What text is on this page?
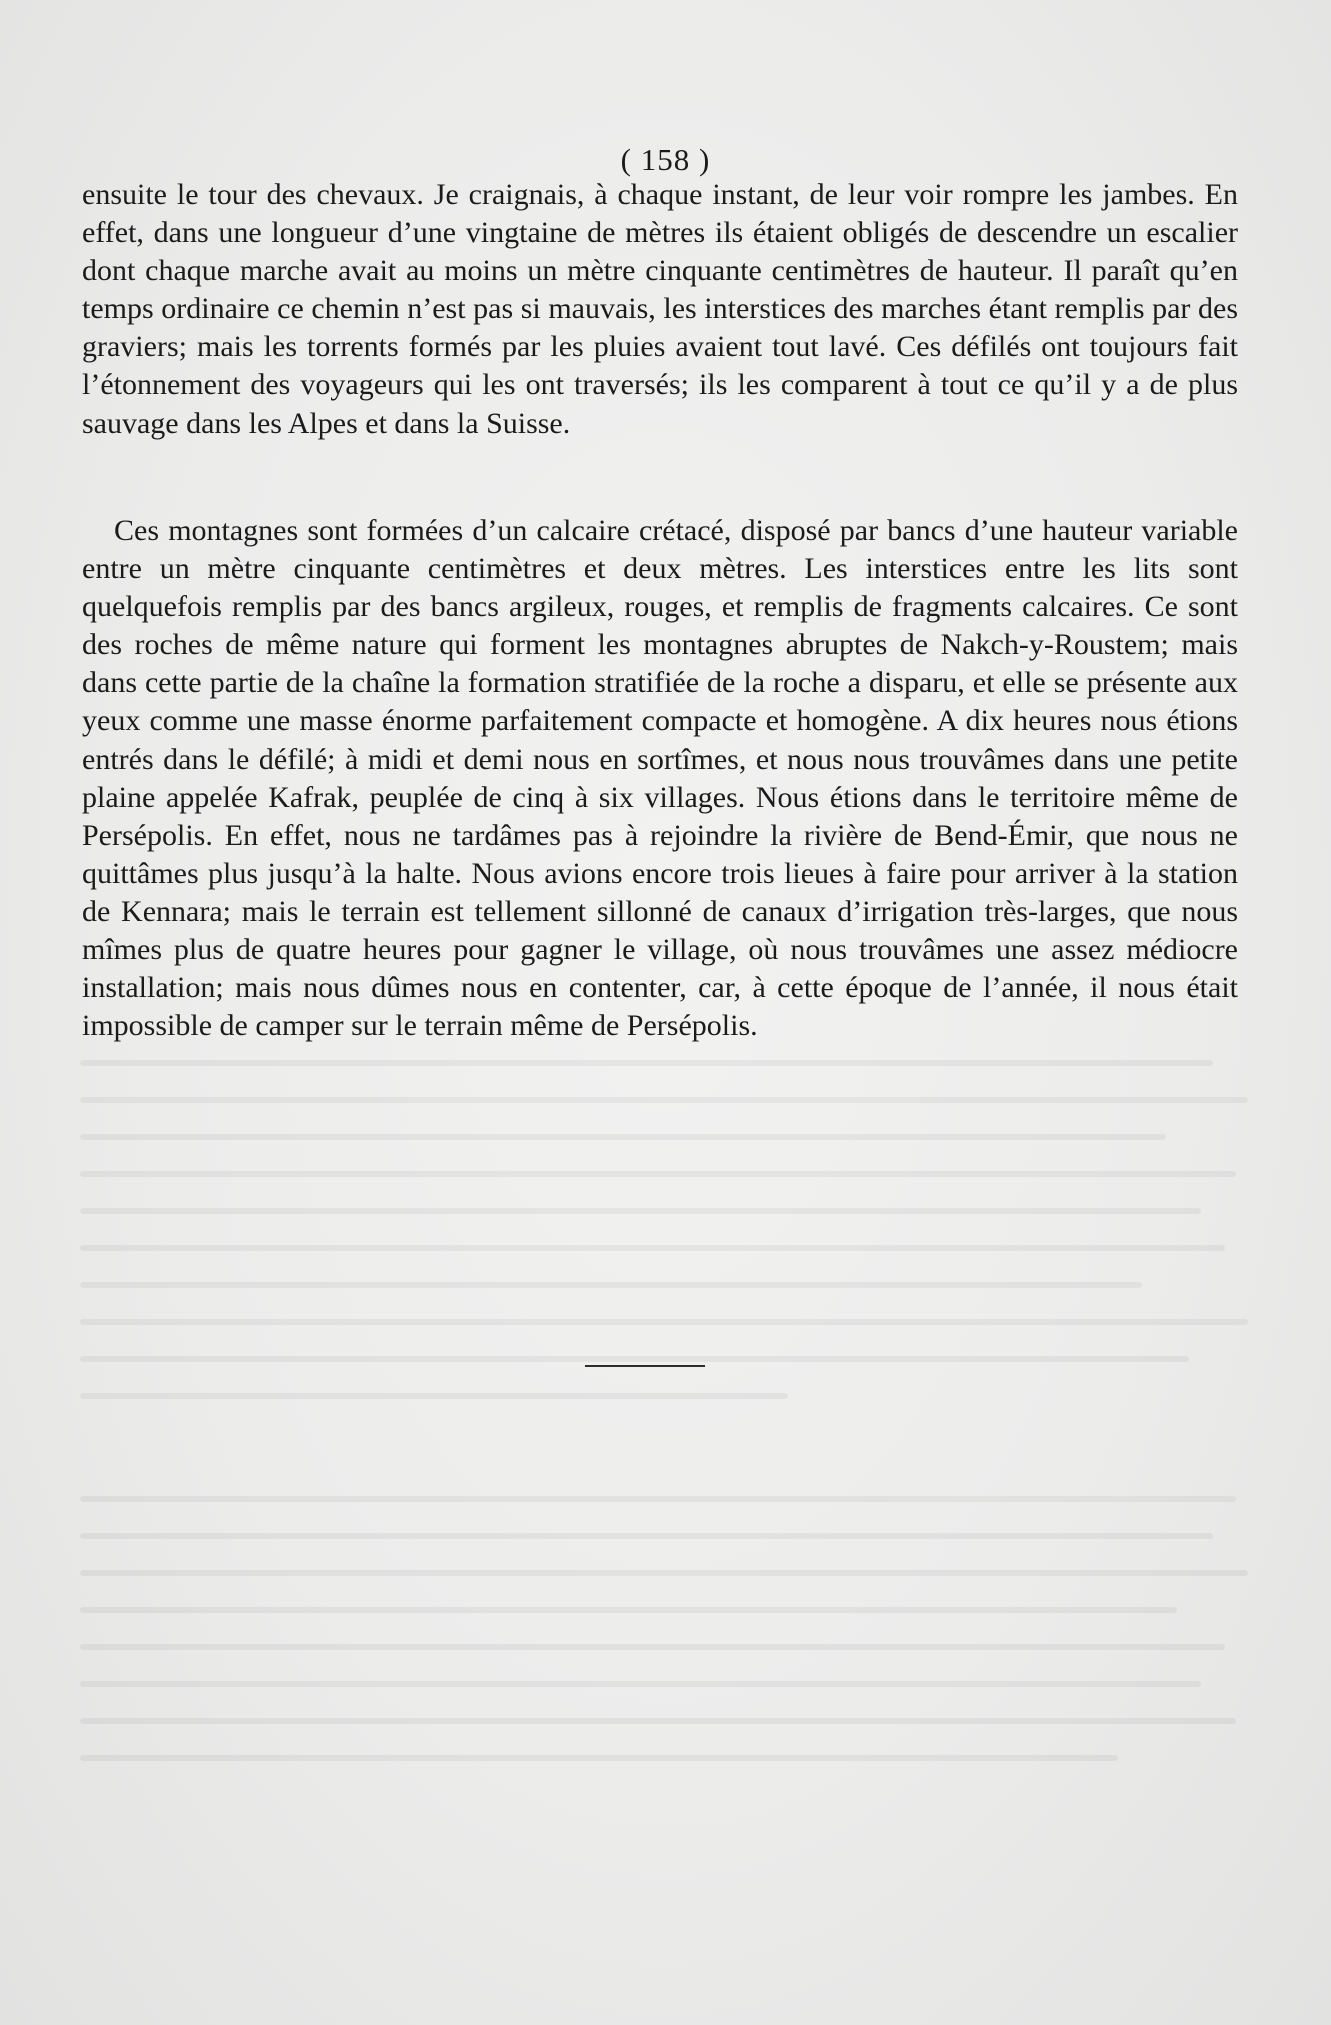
( 158 )

ensuite le tour des chevaux. Je craignais, à chaque instant, de leur voir rompre les jambes. En effet, dans une longueur d’une vingtaine de mètres ils étaient obligés de descendre un escalier dont chaque marche avait au moins un mètre cinquante centimètres de hauteur. Il paraît qu’en temps ordinaire ce chemin n’est pas si mauvais, les interstices des marches étant remplis par des graviers; mais les torrents formés par les pluies avaient tout lavé. Ces défilés ont toujours fait l’étonnement des voyageurs qui les ont traversés; ils les comparent à tout ce qu’il y a de plus sauvage dans les Alpes et dans la Suisse.

Ces montagnes sont formées d’un calcaire crétacé, disposé par bancs d’une hauteur variable entre un mètre cinquante centimètres et deux mètres. Les interstices entre les lits sont quelquefois remplis par des bancs argileux, rouges, et remplis de fragments calcaires. Ce sont des roches de même nature qui forment les montagnes abruptes de Nakch-y-Roustem; mais dans cette partie de la chaîne la formation stratifiée de la roche a disparu, et elle se présente aux yeux comme une masse énorme parfaitement compacte et homogène. A dix heures nous étions entrés dans le défilé; à midi et demi nous en sortîmes, et nous nous trouvâmes dans une petite plaine appelée Kafrak, peuplée de cinq à six villages. Nous étions dans le territoire même de Persépolis. En effet, nous ne tardâmes pas à rejoindre la rivière de Bend-Émir, que nous ne quittâmes plus jusqu’à la halte. Nous avions encore trois lieues à faire pour arriver à la station de Kennara; mais le terrain est tellement sillonné de canaux d’irrigation très-larges, que nous mîmes plus de quatre heures pour gagner le village, où nous trouvâmes une assez médiocre installation; mais nous dûmes nous en contenter, car, à cette époque de l’année, il nous était impossible de camper sur le terrain même de Persépolis.
